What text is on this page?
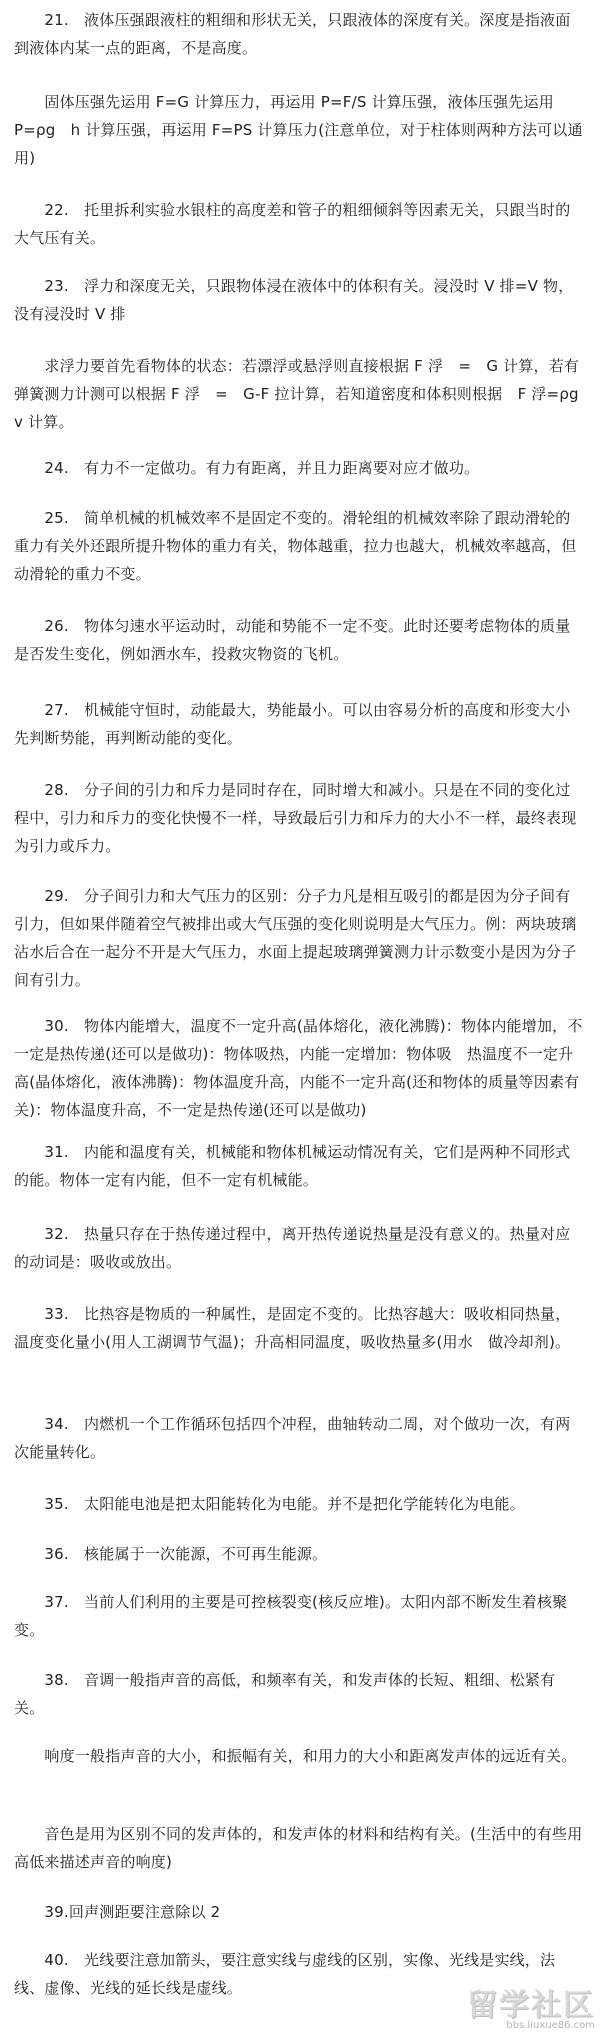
　　21.　液体压强跟液柱的粗细和形状无关，只跟液体的深度有关。深度是指液面到液体内某一点的距离，不是高度。

　　固体压强先运用 F=G 计算压力，再运用 P=F/S 计算压强，液体压强先运用 P=ρg　h 计算压强，再运用 F=PS 计算压力(注意单位，对于柱体则两种方法可以通用)

　　22.　托里拆利实验水银柱的高度差和管子的粗细倾斜等因素无关，只跟当时的大气压有关。

　　23.　浮力和深度无关，只跟物体浸在液体中的体积有关。浸没时 V 排=V 物，没有浸没时 V 排

　　求浮力要首先看物体的状态：若漂浮或悬浮则直接根据 F 浮　=　G 计算，若有弹簧测力计测可以根据 F 浮　=　G-F 拉计算，若知道密度和体积则根据　F 浮=ρg　v 计算。

　　24.　有力不一定做功。有力有距离，并且力距离要对应才做功。

　　25.　简单机械的机械效率不是固定不变的。滑轮组的机械效率除了跟动滑轮的重力有关外还跟所提升物体的重力有关，物体越重，拉力也越大，机械效率越高，但动滑轮的重力不变。

　　26.　物体匀速水平运动时，动能和势能不一定不变。此时还要考虑物体的质量是否发生变化，例如洒水车，投救灾物资的飞机。

　　27.　机械能守恒时，动能最大，势能最小。可以由容易分析的高度和形变大小先判断势能，再判断动能的变化。

　　28.　分子间的引力和斥力是同时存在，同时增大和减小。只是在不同的变化过程中，引力和斥力的变化快慢不一样，导致最后引力和斥力的大小不一样，最终表现为引力或斥力。

　　29.　分子间引力和大气压力的区别：分子力凡是相互吸引的都是因为分子间有引力，但如果伴随着空气被排出或大气压强的变化则说明是大气压力。例：两块玻璃沾水后合在一起分不开是大气压力，水面上提起玻璃弹簧测力计示数变小是因为分子间有引力。

　　30.　物体内能增大，温度不一定升高(晶体熔化，液化沸腾)：物体内能增加，不一定是热传递(还可以是做功)：物体吸热，内能一定增加：物体吸　热温度不一定升高(晶体熔化，液体沸腾)：物体温度升高，内能不一定升高(还和物体的质量等因素有关)：物体温度升高，不一定是热传递(还可以是做功)

　　31.　内能和温度有关，机械能和物体机械运动情况有关，它们是两种不同形式的能。物体一定有内能，但不一定有机械能。

　　32.　热量只存在于热传递过程中，离开热传递说热量是没有意义的。热量对应的动词是：吸收或放出。

　　33.　比热容是物质的一种属性，是固定不变的。比热容越大：吸收相同热量，温度变化量小(用人工湖调节气温)；升高相同温度，吸收热量多(用水　做冷却剂)。

　　34.　内燃机一个工作循环包括四个冲程，曲轴转动二周，对个做功一次，有两次能量转化。

　　35.　太阳能电池是把太阳能转化为电能。并不是把化学能转化为电能。

　　36.　核能属于一次能源，不可再生能源。

　　37.　当前人们利用的主要是可控核裂变(核反应堆)。太阳内部不断发生着核聚变。

　　38.　音调一般指声音的高低，和频率有关，和发声体的长短、粗细、松紧有关。

　　响度一般指声音的大小，和振幅有关，和用力的大小和距离发声体的远近有关。

　　音色是用为区别不同的发声体的，和发声体的材料和结构有关。(生活中的有些用高低来描述声音的响度)

　　39.回声测距要注意除以 2

　　40.　光线要注意加箭头，要注意实线与虚线的区别，实像、光线是实线，法线、虚像、光线的延长线是虚线。	留学社区
bbs.liuxue86.com
